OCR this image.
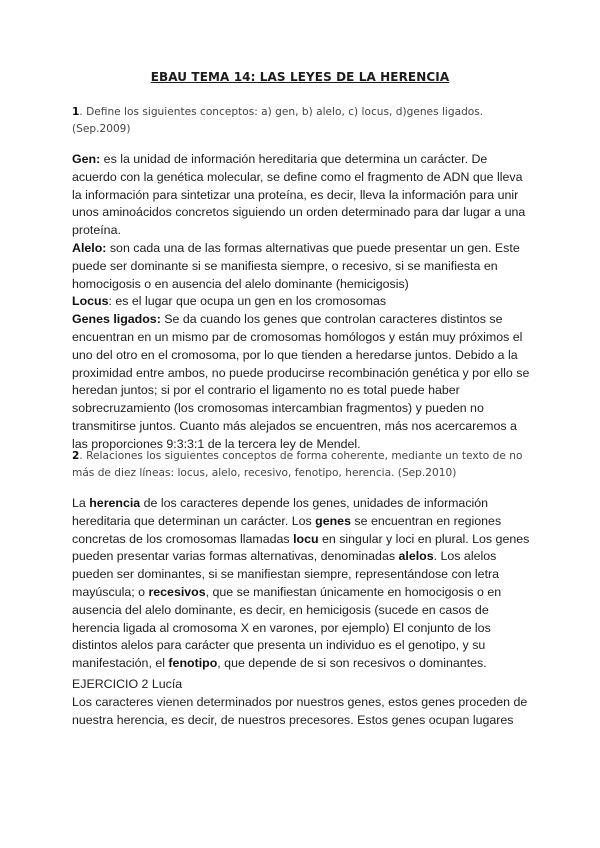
EBAU TEMA 14: LAS LEYES DE LA HERENCIA
1. Define los siguientes conceptos: a) gen, b) alelo, c) locus, d)genes ligados. (Sep.2009)

Gen: es la unidad de información hereditaria que determina un carácter. De acuerdo con la genética molecular, se define como el fragmento de ADN que lleva la información para sintetizar una proteína, es decir, lleva la información para unir unos aminoácidos concretos siguiendo un orden determinado para dar lugar a una proteína.

Alelo: son cada una de las formas alternativas que puede presentar un gen. Este puede ser dominante si se manifiesta siempre, o recesivo, si se manifiesta en homocigosis o en ausencia del alelo dominante (hemicigosis)

Locus: es el lugar que ocupa un gen en los cromosomas

Genes ligados: Se da cuando los genes que controlan caracteres distintos se encuentran en un mismo par de cromosomas homólogos y están muy próximos el uno del otro en el cromosoma, por lo que tienden a heredarse juntos. Debido a la proximidad entre ambos, no puede producirse recombinación genética y por ello se heredan juntos; si por el contrario el ligamento no es total puede haber sobrecruzamiento (los cromosomas intercambian fragmentos) y pueden no transmitirse juntos. Cuanto más alejados se encuentren, más nos acercaremos a las proporciones 9:3:3:1 de la tercera ley de Mendel.

2. Relaciones los siguientes conceptos de forma coherente, mediante un texto de no más de diez líneas: locus, alelo, recesivo, fenotipo, herencia. (Sep.2010)

La herencia de los caracteres depende los genes, unidades de información hereditaria que determinan un carácter. Los genes se encuentran en regiones concretas de los cromosomas llamadas locu en singular y loci en plural. Los genes pueden presentar varias formas alternativas, denominadas alelos. Los alelos pueden ser dominantes, si se manifiestan siempre, representándose con letra mayúscula; o recesivos, que se manifiestan únicamente en homocigosis o en ausencia del alelo dominante, es decir, en hemicigosis (sucede en casos de herencia ligada al cromosoma X en varones, por ejemplo) El conjunto de los distintos alelos para carácter que presenta un individuo es el genotipo, y su manifestación, el fenotipo, que depende de si son recesivos o dominantes.

EJERCICIO 2 Lucía

Los caracteres vienen determinados por nuestros genes, estos genes proceden de nuestra herencia, es decir, de nuestros precesores. Estos genes ocupan lugares
